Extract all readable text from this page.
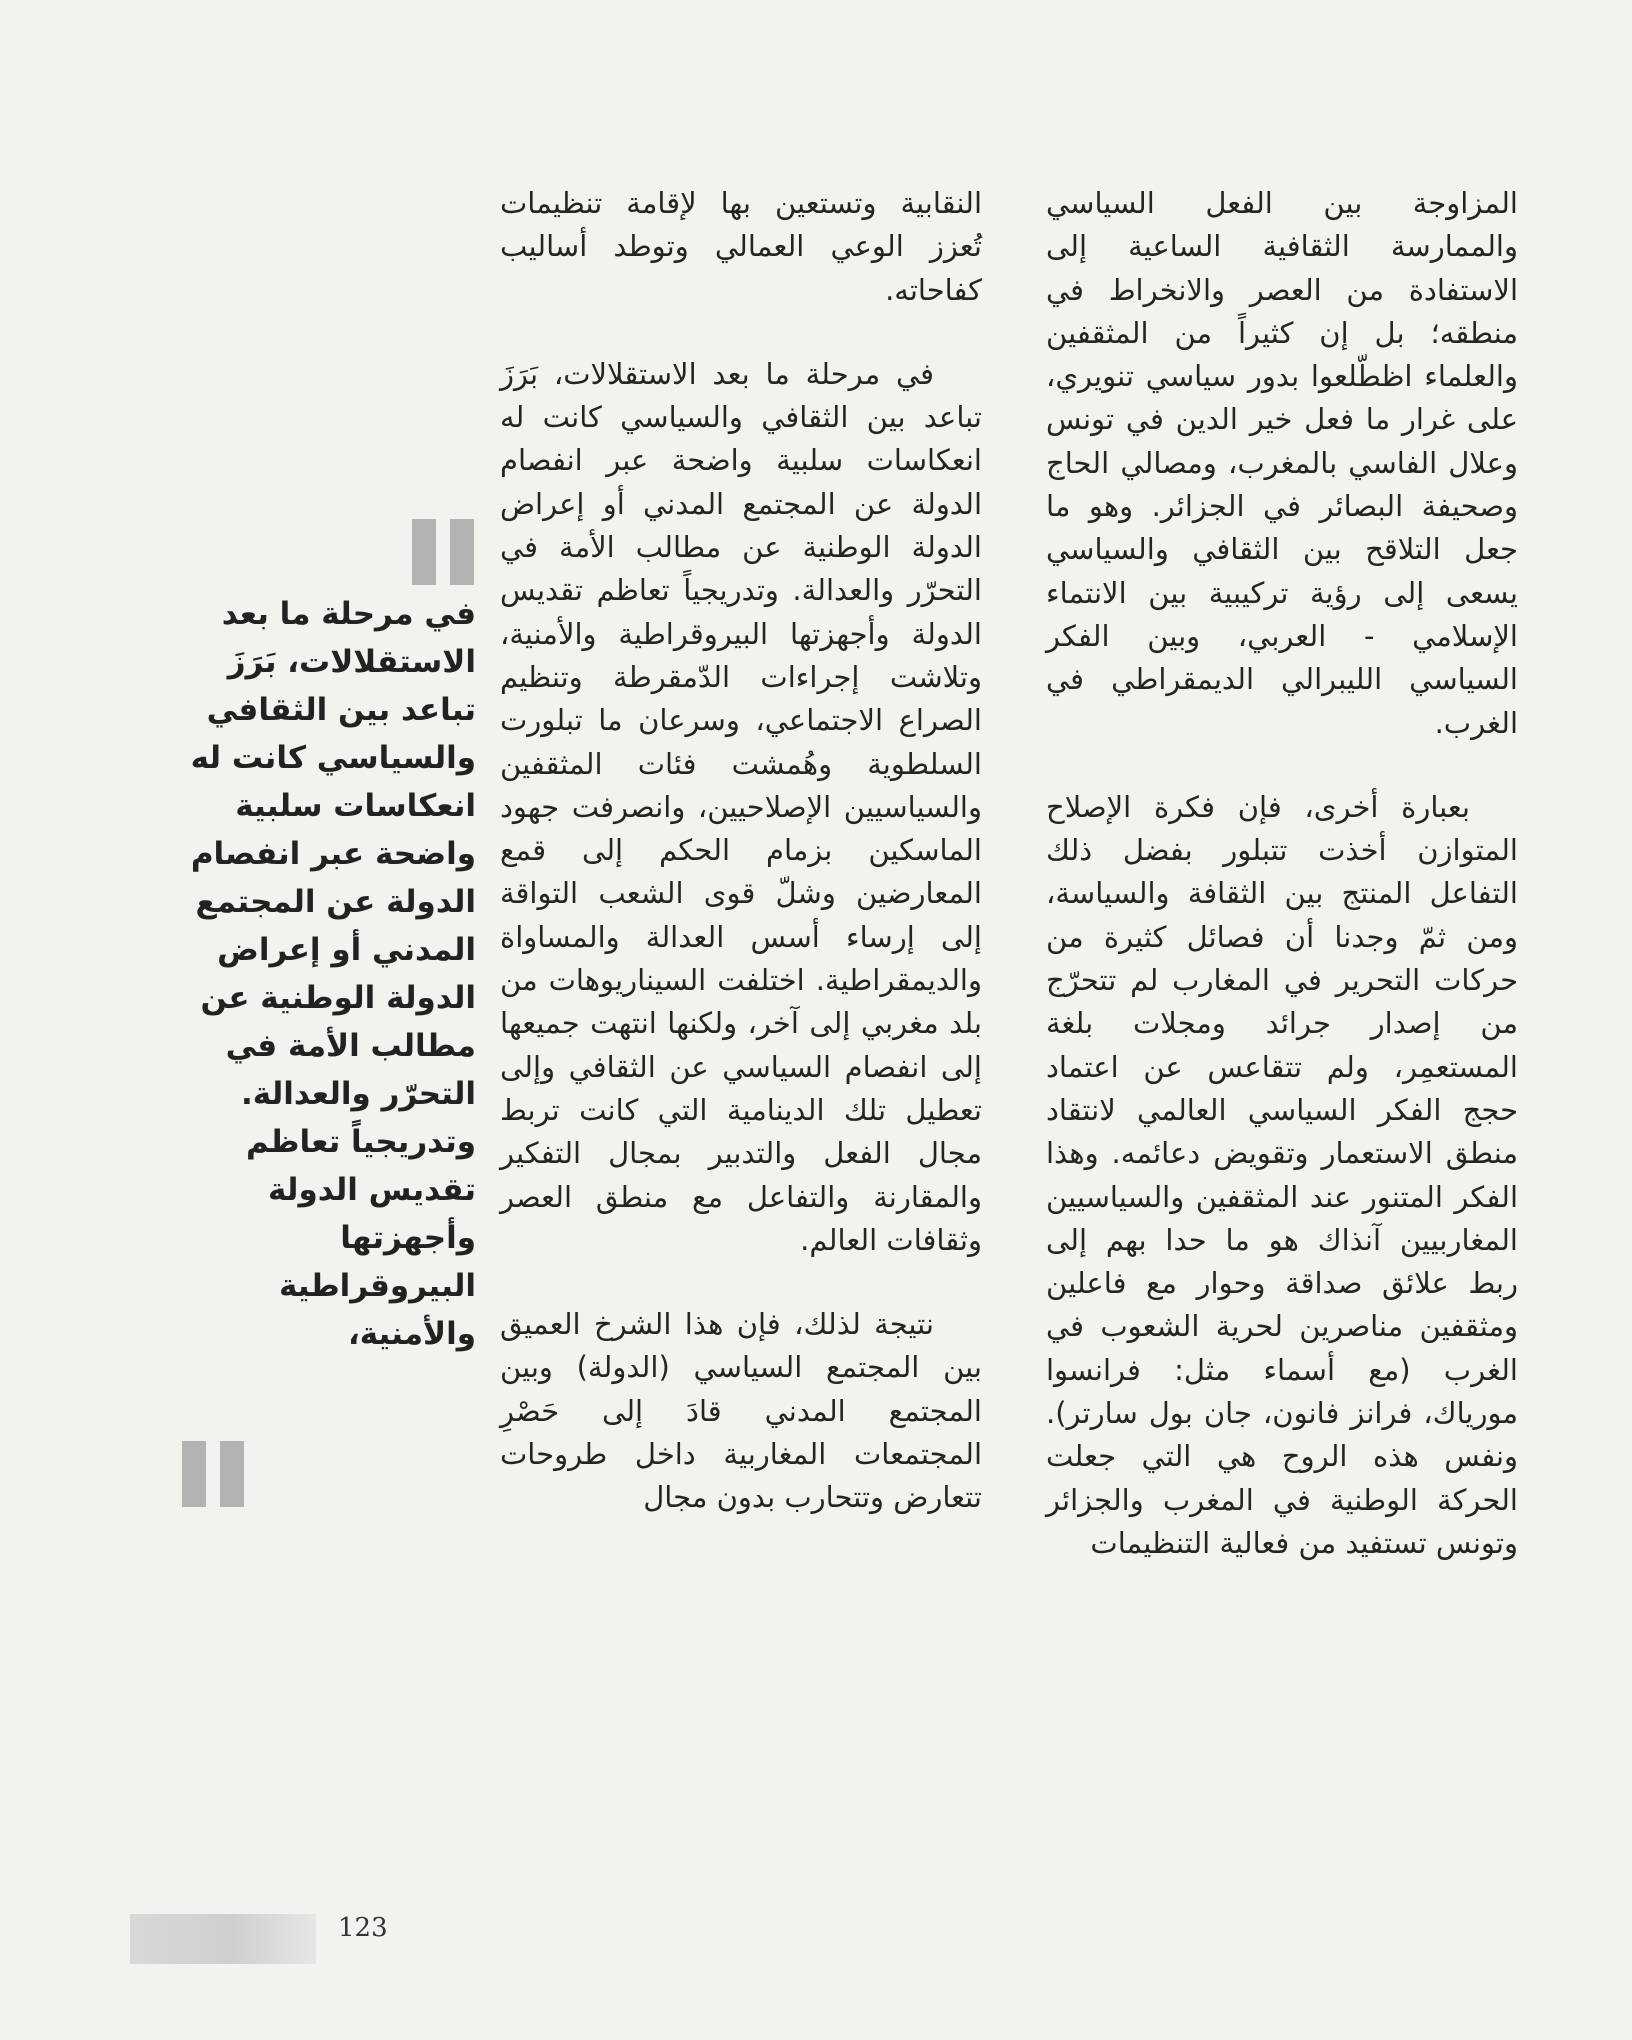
المزاوجة بين الفعل السياسي والممارسة الثقافية الساعية إلى الاستفادة من العصر والانخراط في منطقه؛ بل إن كثيراً من المثقفين والعلماء اظطّلعوا بدور سياسي تنويري، على غرار ما فعل خير الدين في تونس وعلال الفاسي بالمغرب، ومصالي الحاج وصحيفة البصائر في الجزائر. وهو ما جعل التلاقح بين الثقافي والسياسي يسعى إلى رؤية تركيبية بين الانتماء الإسلامي - العربي، وبين الفكر السياسي الليبرالي الديمقراطي في الغرب.

بعبارة أخرى، فإن فكرة الإصلاح المتوازن أخذت تتبلور بفضل ذلك التفاعل المنتج بين الثقافة والسياسة، ومن ثمّ وجدنا أن فصائل كثيرة من حركات التحرير في المغارب لم تتحرّج من إصدار جرائد ومجلات بلغة المستعمِر، ولم تتقاعس عن اعتماد حجج الفكر السياسي العالمي لانتقاد منطق الاستعمار وتقويض دعائمه. وهذا الفكر المتنور عند المثقفين والسياسيين المغاربيين آنذاك هو ما حدا بهم إلى ربط علائق صداقة وحوار مع فاعلين ومثقفين مناصرين لحرية الشعوب في الغرب (مع أسماء مثل: فرانسوا مورياك، فرانز فانون، جان بول سارتر). ونفس هذه الروح هي التي جعلت الحركة الوطنية في المغرب والجزائر وتونس تستفيد من فعالية التنظيمات

النقابية وتستعين بها لإقامة تنظيمات تُعزز الوعي العمالي وتوطد أساليب كفاحاته.

في مرحلة ما بعد الاستقلالات، بَرَزَ تباعد بين الثقافي والسياسي كانت له انعكاسات سلبية واضحة عبر انفصام الدولة عن المجتمع المدني أو إعراض الدولة الوطنية عن مطالب الأمة في التحرّر والعدالة. وتدريجياً تعاظم تقديس الدولة وأجهزتها البيروقراطية والأمنية، وتلاشت إجراءات الدّمقرطة وتنظيم الصراع الاجتماعي، وسرعان ما تبلورت السلطوية وهُمشت فئات المثقفين والسياسيين الإصلاحيين، وانصرفت جهود الماسكين بزمام الحكم إلى قمع المعارضين وشلّ قوى الشعب التواقة إلى إرساء أسس العدالة والمساواة والديمقراطية. اختلفت السيناريوهات من بلد مغربي إلى آخر، ولكنها انتهت جميعها إلى انفصام السياسي عن الثقافي وإلى تعطيل تلك الدينامية التي كانت تربط مجال الفعل والتدبير بمجال التفكير والمقارنة والتفاعل مع منطق العصر وثقافات العالم.

نتيجة لذلك، فإن هذا الشرخ العميق بين المجتمع السياسي (الدولة) وبين المجتمع المدني قادَ إلى حَصْرِ المجتمعات المغاربية داخل طروحات تتعارض وتتحارب بدون مجال

في مرحلة ما بعد الاستقلالات، بَرَزَ تباعد بين الثقافي والسياسي كانت له انعكاسات سلبية واضحة عبر انفصام الدولة عن المجتمع المدني أو إعراض الدولة الوطنية عن مطالب الأمة في التحرّر والعدالة. وتدريجياً تعاظم تقديس الدولة وأجهزتها البيروقراطية والأمنية،
123
